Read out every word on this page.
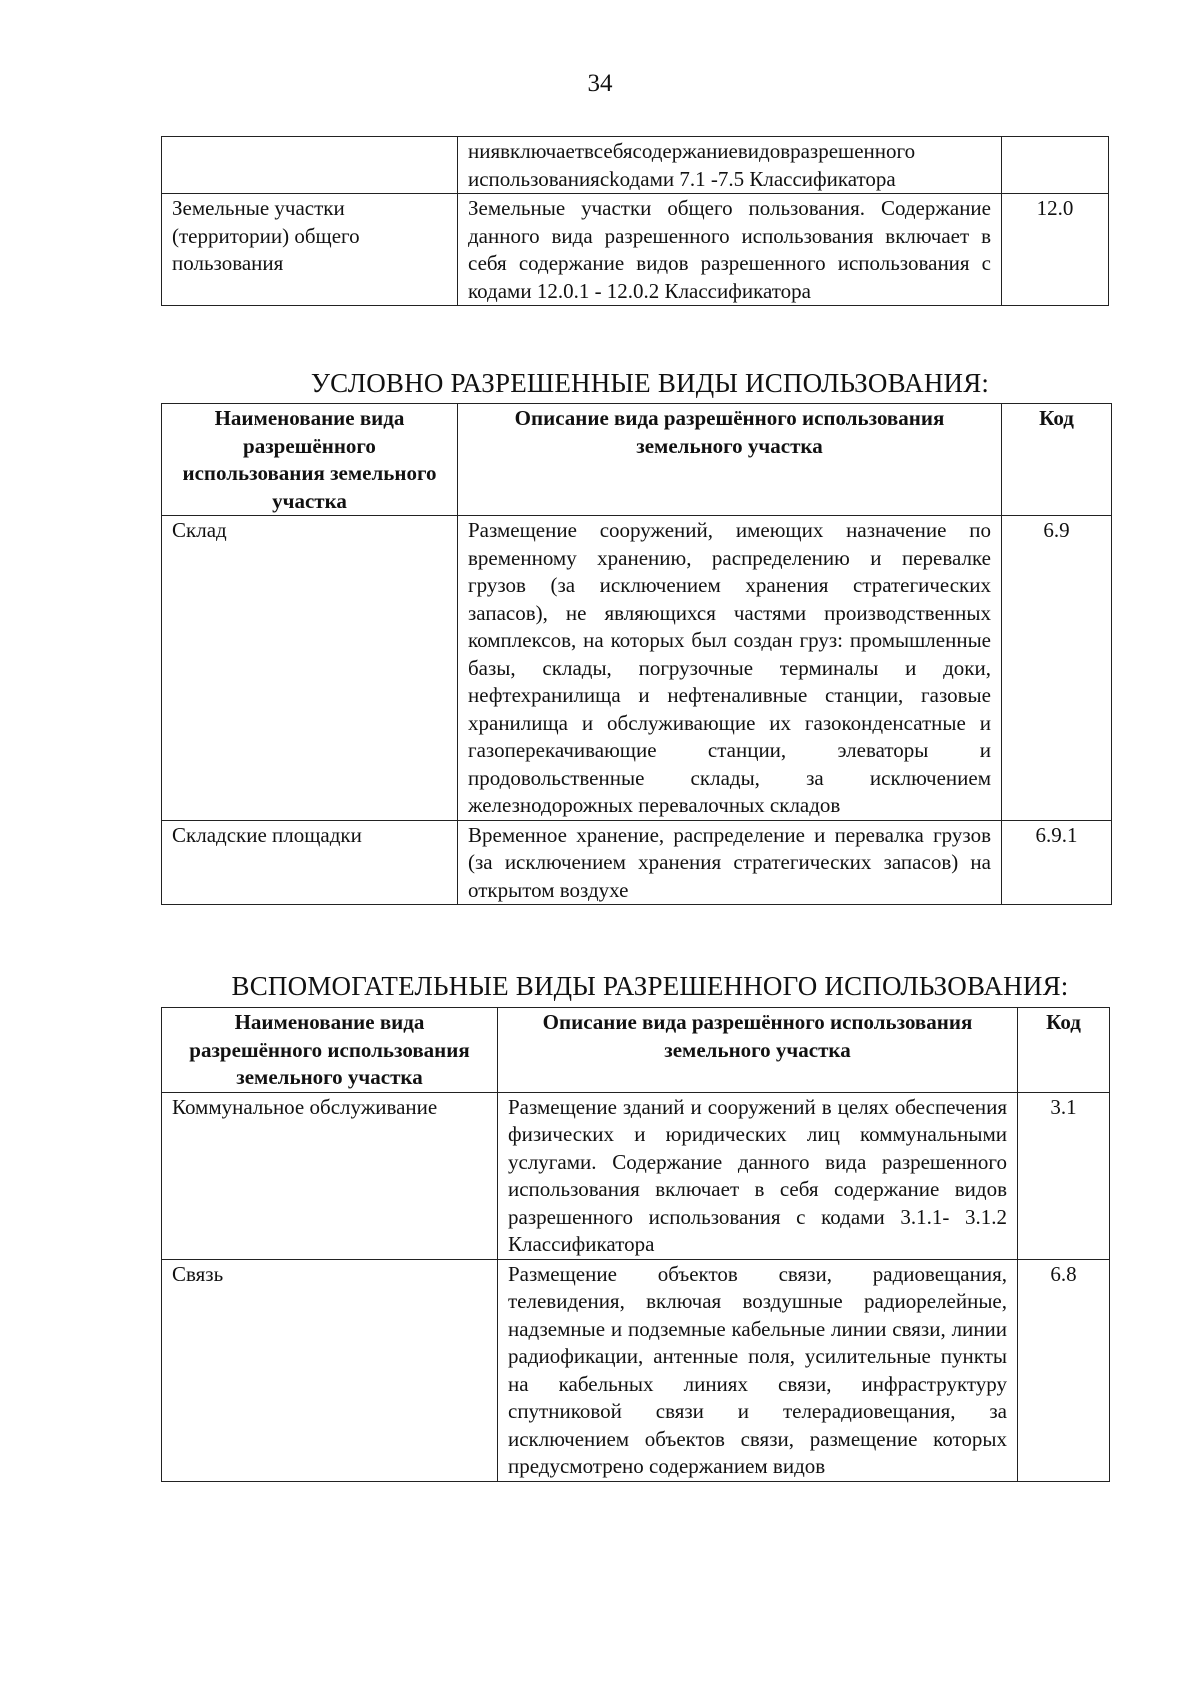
34
	ниявключаетвсебясодержаниевидовразрешенного использованиясkодами 7.1 -7.5 Классификатора	
Земельные участки (территории) общего пользования	Земельные участки общего пользования. Содержание данного вида разрешенного использования включает в себя содержание видов разрешенного использования с кодами 12.0.1 - 12.0.2 Классификатора	12.0
УСЛОВНО РАЗРЕШЕННЫЕ ВИДЫ ИСПОЛЬЗОВАНИЯ:
Наименование вида разрешённого использования земельного участка	Описание вида разрешённого использования земельного участка	Код
Склад	Размещение сооружений, имеющих назначение по временному хранению, распределению и перевалке грузов (за исключением хранения стратегических запасов), не являющихся частями производственных комплексов, на которых был создан груз: промышленные базы, склады, погрузочные терминалы и доки, нефтехранилища и нефтеналивные станции, газовые хранилища и обслуживающие их газоконденсатные и газоперекачивающие станции, элеваторы и продовольственные склады, за исключением железнодорожных перевалочных складов	6.9
Складские площадки	Временное хранение, распределение и перевалка грузов (за исключением хранения стратегических запасов) на открытом воздухе	6.9.1
ВСПОМОГАТЕЛЬНЫЕ ВИДЫ РАЗРЕШЕННОГО ИСПОЛЬЗОВАНИЯ:
Наименование вида разрешённого использования земельного участка	Описание вида разрешённого использования земельного участка	Код
Коммунальное обслуживание	Размещение зданий и сооружений в целях обеспечения физических и юридических лиц коммунальными услугами. Содержание данного вида разрешенного использования включает в себя содержание видов разрешенного использования с кодами 3.1.1- 3.1.2 Классификатора	3.1
Связь	Размещение объектов связи, радиовещания, телевидения, включая воздушные радиорелейные, надземные и подземные кабельные линии связи, линии радиофикации, антенные поля, усилительные пункты на кабельных линиях связи, инфраструктуру спутниковой связи и телерадиовещания, за исключением объектов связи, размещение которых предусмотрено содержанием видов	6.8
